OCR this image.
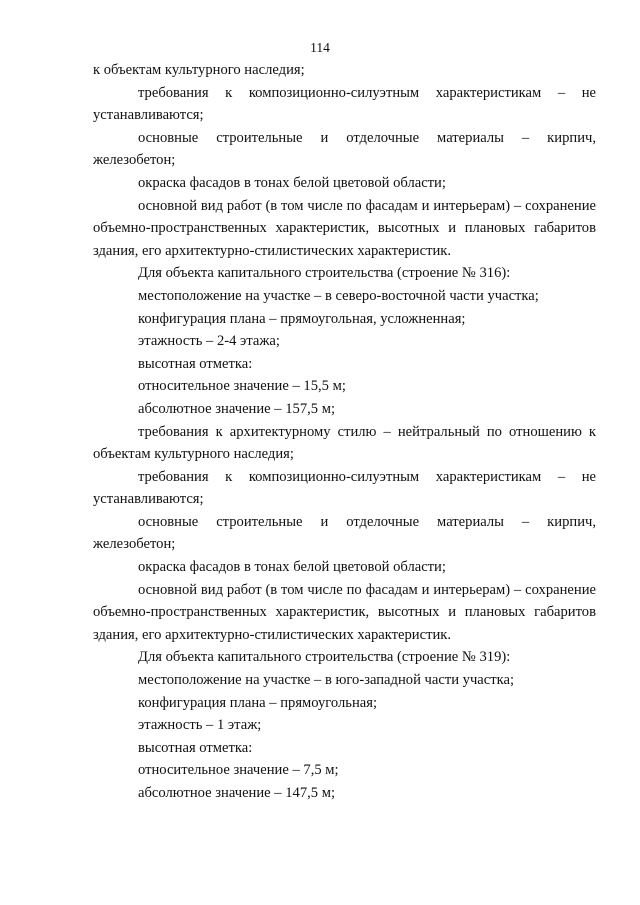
114

к объектам культурного наследия;

требования к композиционно-силуэтным характеристикам – не устанавливаются;

основные строительные и отделочные материалы – кирпич, железобетон;

окраска фасадов в тонах белой цветовой области;

основной вид работ (в том числе по фасадам и интерьерам) – сохранение объемно-пространственных характеристик, высотных и плановых габаритов здания, его архитектурно-стилистических характеристик.

Для объекта капитального строительства (строение № 316):

местоположение на участке – в северо-восточной части участка;

конфигурация плана – прямоугольная, усложненная;

этажность – 2-4 этажа;

высотная отметка:

относительное значение – 15,5 м;

абсолютное значение – 157,5 м;

требования к архитектурному стилю – нейтральный по отношению к объектам культурного наследия;

требования к композиционно-силуэтным характеристикам – не устанавливаются;

основные строительные и отделочные материалы – кирпич, железобетон;

окраска фасадов в тонах белой цветовой области;

основной вид работ (в том числе по фасадам и интерьерам) – сохранение объемно-пространственных характеристик, высотных и плановых габаритов здания, его архитектурно-стилистических характеристик.

Для объекта капитального строительства (строение № 319):

местоположение на участке – в юго-западной части участка;

конфигурация плана – прямоугольная;

этажность – 1 этаж;

высотная отметка:

относительное значение – 7,5 м;

абсолютное значение – 147,5 м;
